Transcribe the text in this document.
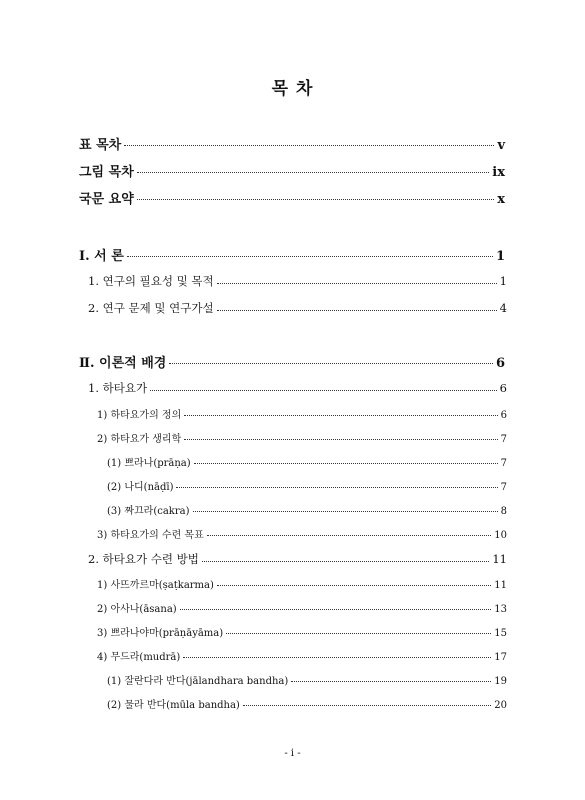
목 차
표 목차	v
그림 목차	ix
국문 요약	x
Ⅰ. 서 론	1
1. 연구의 필요성 및 목적	1
2. 연구 문제 및 연구가설	4
Ⅱ. 이론적 배경	6
1. 하타요가	6
1) 하타요가의 정의	6
2) 하타요가 생리학	7
(1) 쁘라나(prāṇa)	7
(2) 나디(nāḍī)	7
(3) 짜끄라(cakra)	8
3) 하타요가의 수련 목표	10
2. 하타요가 수련 방법	11
1) 사뜨까르마(ṣaṭkarma)	11
2) 아사나(āsana)	13
3) 쁘라나야마(prāṇāyāma)	15
4) 무드라(mudrā)	17
(1) 잘란다라 반다(jālandhara bandha)	19
(2) 물라 반다(mūla bandha)	20
- i -
